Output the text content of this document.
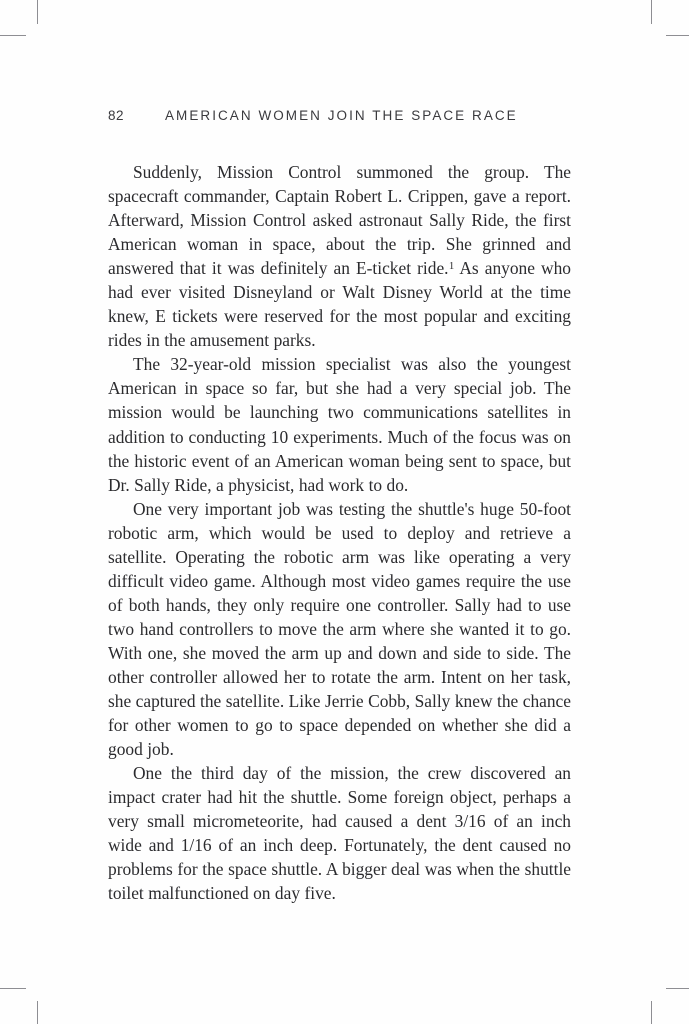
82	AMERICAN WOMEN JOIN THE SPACE RACE

Suddenly, Mission Control summoned the group. The spacecraft commander, Captain Robert L. Crippen, gave a report. Afterward, Mission Control asked astronaut Sally Ride, the first American woman in space, about the trip. She grinned and answered that it was definitely an E-ticket ride.$^1$ As anyone who had ever visited Disneyland or Walt Disney World at the time knew, E tickets were reserved for the most popular and exciting rides in the amusement parks.

The 32-year-old mission specialist was also the youngest American in space so far, but she had a very special job. The mission would be launching two communications satellites in addition to conducting 10 experiments. Much of the focus was on the historic event of an American woman being sent to space, but Dr. Sally Ride, a physicist, had work to do.

One very important job was testing the shuttle's huge 50-foot robotic arm, which would be used to deploy and retrieve a satellite. Operating the robotic arm was like operating a very difficult video game. Although most video games require the use of both hands, they only require one controller. Sally had to use two hand controllers to move the arm where she wanted it to go. With one, she moved the arm up and down and side to side. The other controller allowed her to rotate the arm. Intent on her task, she captured the satellite. Like Jerrie Cobb, Sally knew the chance for other women to go to space depended on whether she did a good job.

One the third day of the mission, the crew discovered an impact crater had hit the shuttle. Some foreign object, perhaps a very small micrometeorite, had caused a dent 3/16 of an inch wide and 1/16 of an inch deep. Fortunately, the dent caused no problems for the space shuttle. A bigger deal was when the shuttle toilet malfunctioned on day five.
